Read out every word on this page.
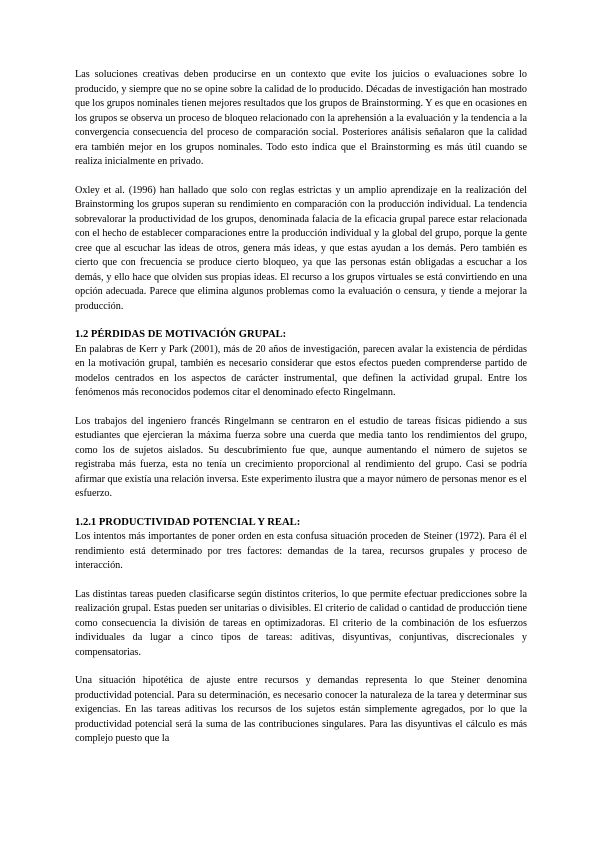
Las soluciones creativas deben producirse en un contexto que evite los juicios o evaluaciones sobre lo producido, y siempre que no se opine sobre la calidad de lo producido. Décadas de investigación han mostrado que los grupos nominales tienen mejores resultados que los grupos de Brainstorming. Y es que en ocasiones en los grupos se observa un proceso de bloqueo relacionado con la aprehensión a la evaluación y la tendencia a la convergencia consecuencia del proceso de comparación social. Posteriores análisis señalaron que la calidad era también mejor en los grupos nominales. Todo esto indica que el Brainstorming es más útil cuando se realiza inicialmente en privado.

Oxley et al. (1996) han hallado que solo con reglas estrictas y un amplio aprendizaje en la realización del Brainstorming los grupos superan su rendimiento en comparación con la producción individual. La tendencia sobrevalorar la productividad de los grupos, denominada falacia de la eficacia grupal parece estar relacionada con el hecho de establecer comparaciones entre la producción individual y la global del grupo, porque la gente cree que al escuchar las ideas de otros, genera más ideas, y que estas ayudan a los demás. Pero también es cierto que con frecuencia se produce cierto bloqueo, ya que las personas están obligadas a escuchar a los demás, y ello hace que olviden sus propias ideas. El recurso a los grupos virtuales se está convirtiendo en una opción adecuada. Parece que elimina algunos problemas como la evaluación o censura, y tiende a mejorar la producción.

1.2 PÉRDIDAS DE MOTIVACIÓN GRUPAL:

En palabras de Kerr y Park (2001), más de 20 años de investigación, parecen avalar la existencia de pérdidas en la motivación grupal, también es necesario considerar que estos efectos pueden comprenderse partido de modelos centrados en los aspectos de carácter instrumental, que definen la actividad grupal. Entre los fenómenos más reconocidos podemos citar el denominado efecto Ringelmann.

Los trabajos del ingeniero francés Ringelmann se centraron en el estudio de tareas físicas pidiendo a sus estudiantes que ejercieran la máxima fuerza sobre una cuerda que media tanto los rendimientos del grupo, como los de sujetos aislados. Su descubrimiento fue que, aunque aumentando el número de sujetos se registraba más fuerza, esta no tenía un crecimiento proporcional al rendimiento del grupo. Casi se podría afirmar que existía una relación inversa. Este experimento ilustra que a mayor número de personas menor es el esfuerzo.

1.2.1 PRODUCTIVIDAD POTENCIAL Y REAL:

Los intentos más importantes de poner orden en esta confusa situación proceden de Steiner (1972). Para él el rendimiento está determinado por tres factores: demandas de la tarea, recursos grupales y proceso de interacción.

Las distintas tareas pueden clasificarse según distintos criterios, lo que permite efectuar predicciones sobre la realización grupal. Estas pueden ser unitarias o divisibles. El criterio de calidad o cantidad de producción tiene como consecuencia la división de tareas en optimizadoras. El criterio de la combinación de los esfuerzos individuales da lugar a cinco tipos de tareas: aditivas, disyuntivas, conjuntivas, discrecionales y compensatorias.

Una situación hipotética de ajuste entre recursos y demandas representa lo que Steiner denomina productividad potencial. Para su determinación, es necesario conocer la naturaleza de la tarea y determinar sus exigencias. En las tareas aditivas los recursos de los sujetos están simplemente agregados, por lo que la productividad potencial será la suma de las contribuciones singulares. Para las disyuntivas el cálculo es más complejo puesto que la
